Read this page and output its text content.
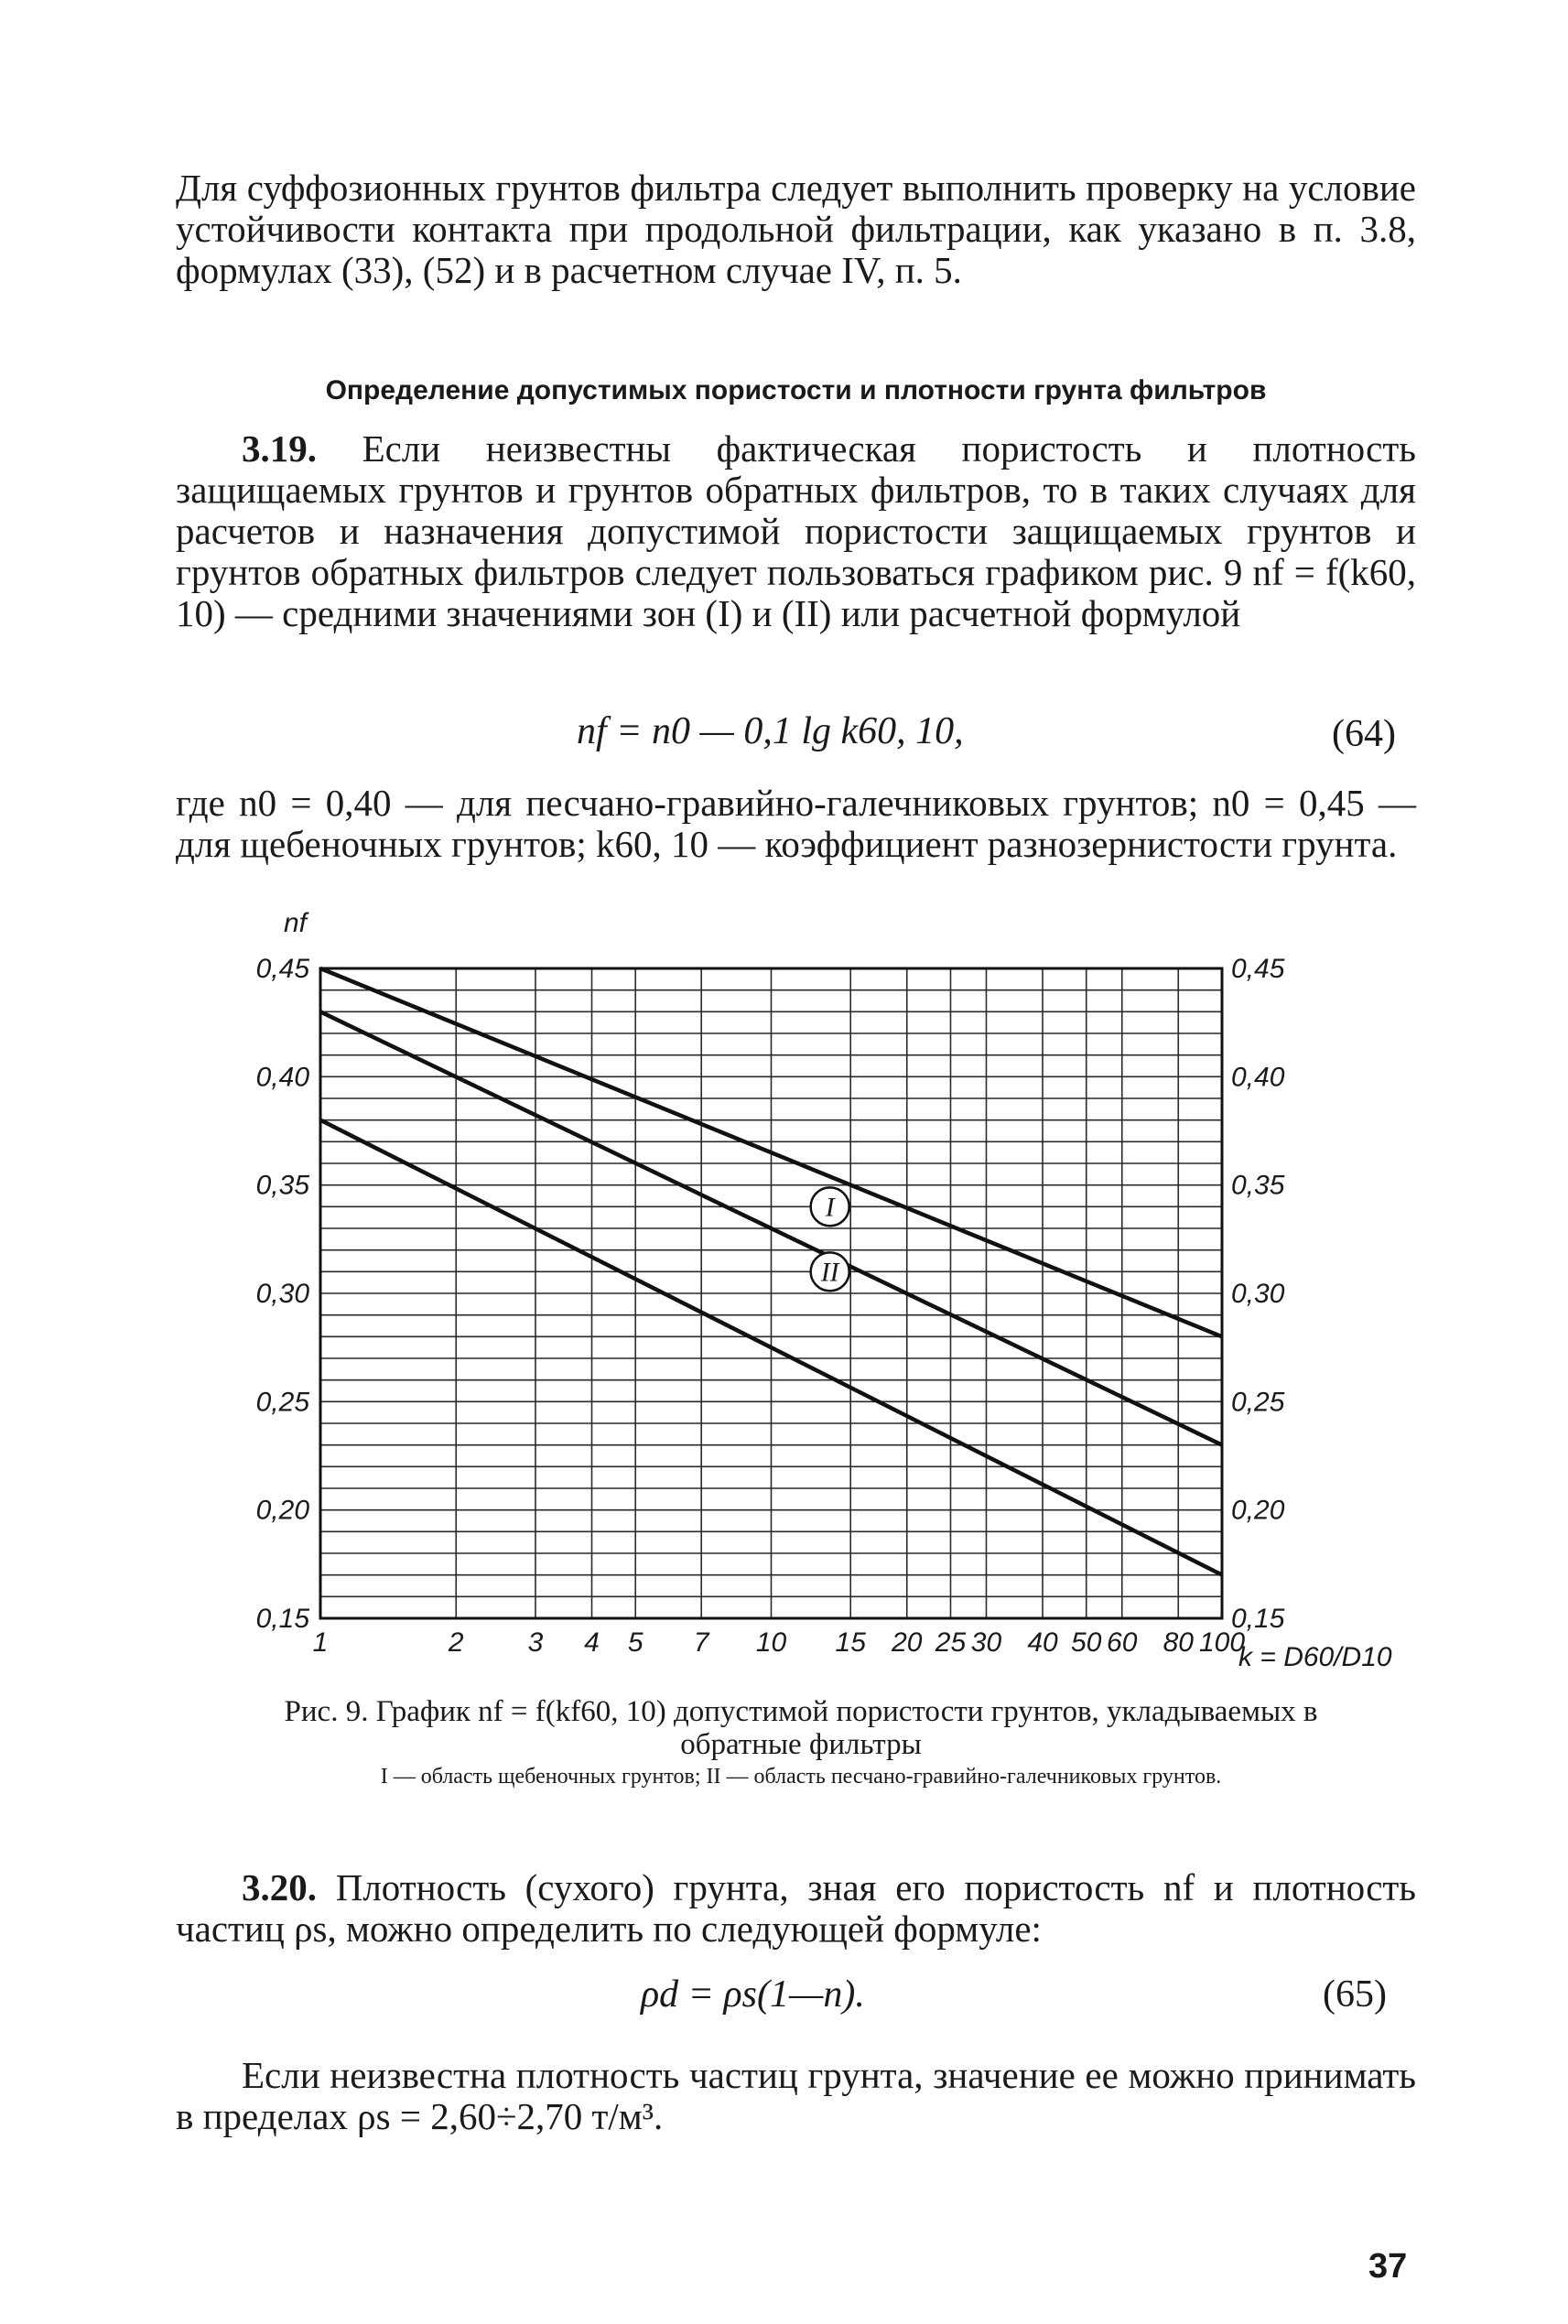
Для суффозионных грунтов фильтра следует выполнить проверку на условие устойчивости контакта при продольной фильтрации, как указано в п. 3.8, формулах (33), (52) и в расчетном случае IV, п. 5.

Определение допустимых пористости и плотности грунта фильтров

3.19. Если неизвестны фактическая пористость и плотность защищаемых грунтов и грунтов обратных фильтров, то в таких случаях для расчетов и назначения допустимой пористости защищаемых грунтов и грунтов обратных фильтров следует пользоваться графиком рис. 9 nf = f(k60, 10) — средними значениями зон (I) и (II) или расчетной формулой

nf = n0 — 0,1 lg k60, 10,	(64)

где n0 = 0,40 — для песчано-гравийно-галечниковых грунтов; n0 = 0,45 — для щебеночных грунтов; k60, 10 — коэффициент разнозернистости грунта.

0,15	0,15
0,20	0,20
0,25	0,25
0,30	0,30
0,35	0,35
0,40	0,40
0,45	0,45
1	2 3 4 5 7 10 15 20 25 30 40 50 60 80 100
nf
k = D60/D10
I
II

Рис. 9. График nf = f(kf60, 10) допустимой пористости грунтов, укладываемых в обратные фильтры

I — область щебеночных грунтов; II — область песчано-гравийно-галечниковых грунтов.

3.20. Плотность (сухого) грунта, зная его пористость nf и плотность частиц ρs, можно определить по следующей формуле:

ρd = ρs(1—n).	(65)

Если неизвестна плотность частиц грунта, значение ее можно принимать в пределах ρs = 2,60÷2,70 т/м³.

37
